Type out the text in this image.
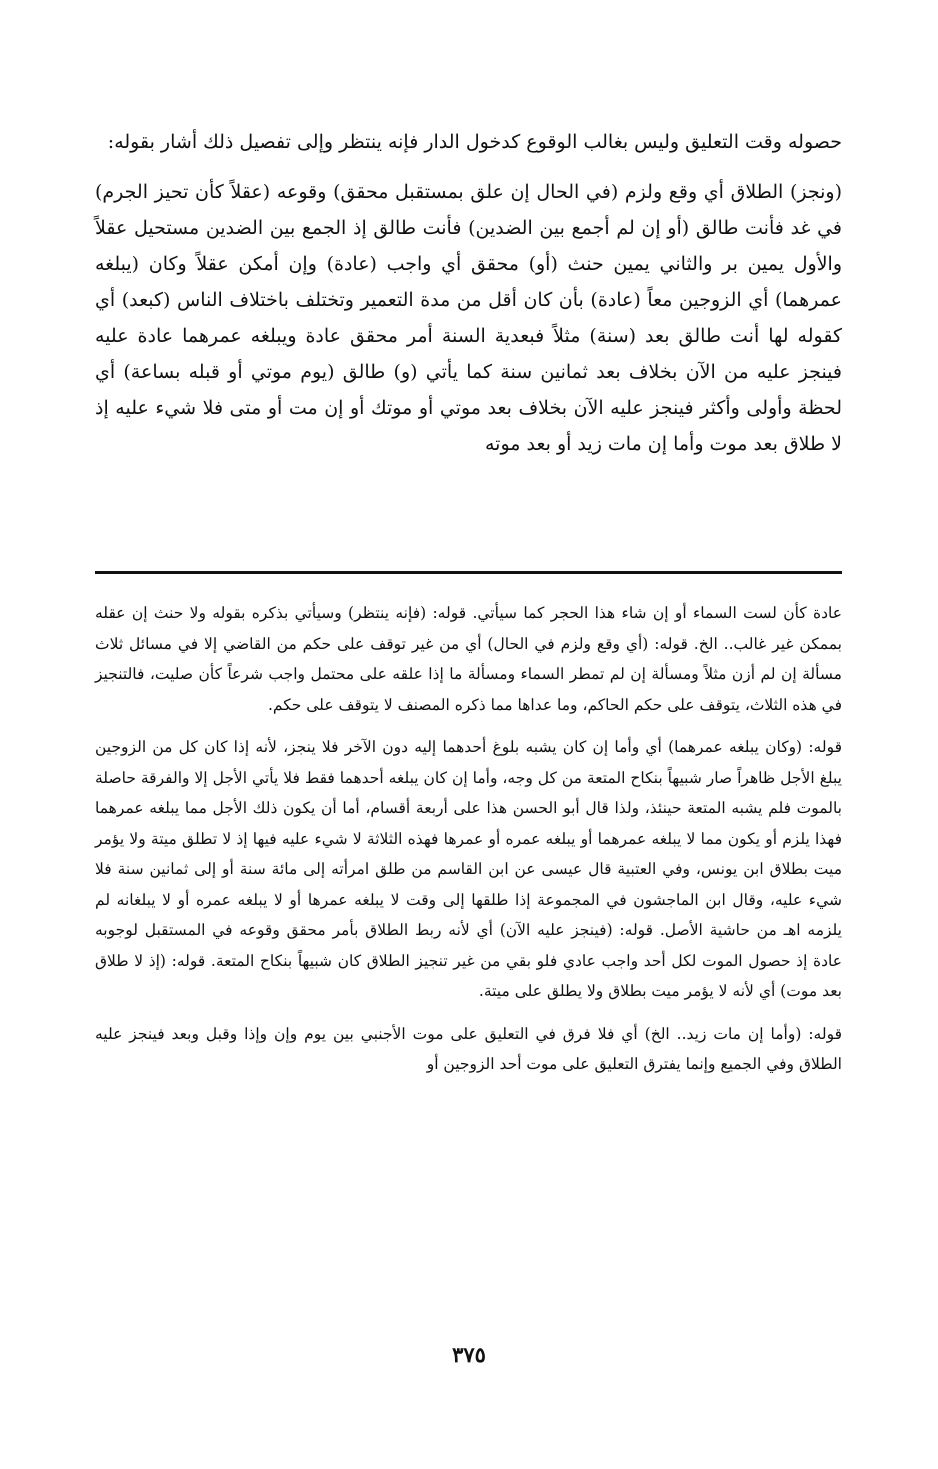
حصوله وقت التعليق وليس بغالب الوقوع كدخول الدار فإنه ينتظر وإلى تفصيل ذلك أشار بقوله:

(ونجز) الطلاق أي وقع ولزم (في الحال إن علق بمستقبل محقق) وقوعه (عقلاً كأن تحيز الجرم) في غد فأنت طالق (أو إن لم أجمع بين الضدين) فأنت طالق إذ الجمع بين الضدين مستحيل عقلاً والأول يمين بر والثاني يمين حنث (أو) محقق أي واجب (عادة) وإن أمكن عقلاً وكان (يبلغه عمرهما) أي الزوجين معاً (عادة) بأن كان أقل من مدة التعمير وتختلف باختلاف الناس (كبعد) أي كقوله لها أنت طالق بعد (سنة) مثلاً فبعدية السنة أمر محقق عادة ويبلغه عمرهما عادة عليه فينجز عليه من الآن بخلاف بعد ثمانين سنة كما يأتي (و) طالق (يوم موتي أو قبله بساعة) أي لحظة وأولى وأكثر فينجز عليه الآن بخلاف بعد موتي أو موتك أو إن مت أو متى فلا شيء عليه إذ لا طلاق بعد موت وأما إن مات زيد أو بعد موته

عادة كأن لست السماء أو إن شاء هذا الحجر كما سيأتي. قوله: (فإنه ينتظر) وسيأتي بذكره بقوله ولا حنث إن عقله بممكن غير غالب.. الخ. قوله: (أي وقع ولزم في الحال) أي من غير توقف على حكم من القاضي إلا في مسائل ثلاث مسألة إن لم أزن مثلاً ومسألة إن لم تمطر السماء ومسألة ما إذا علقه على محتمل واجب شرعاً كأن صليت، فالتنجيز في هذه الثلاث، يتوقف على حكم الحاكم، وما عداها مما ذكره المصنف لا يتوقف على حكم.

قوله: (وكان يبلغه عمرهما) أي وأما إن كان يشبه بلوغ أحدهما إليه دون الآخر فلا ينجز، لأنه إذا كان كل من الزوجين يبلغ الأجل ظاهراً صار شبيهاً بنكاح المتعة من كل وجه، وأما إن كان يبلغه أحدهما فقط فلا يأتي الأجل إلا والفرقة حاصلة بالموت فلم يشبه المتعة حينئذ، ولذا قال أبو الحسن هذا على أربعة أقسام، أما أن يكون ذلك الأجل مما يبلغه عمرهما فهذا يلزم أو يكون مما لا يبلغه عمرهما أو يبلغه عمره أو عمرها فهذه الثلاثة لا شيء عليه فيها إذ لا تطلق ميتة ولا يؤمر ميت بطلاق ابن يونس، وفي العتبية قال عيسى عن ابن القاسم من طلق امرأته إلى مائة سنة أو إلى ثمانين سنة فلا شيء عليه، وقال ابن الماجشون في المجموعة إذا طلقها إلى وقت لا يبلغه عمرها أو لا يبلغه عمره أو لا يبلغانه لم يلزمه اهـ من حاشية الأصل. قوله: (فينجز عليه الآن) أي لأنه ربط الطلاق بأمر محقق وقوعه في المستقبل لوجوبه عادة إذ حصول الموت لكل أحد واجب عادي فلو بقي من غير تنجيز الطلاق كان شبيهاً بنكاح المتعة. قوله: (إذ لا طلاق بعد موت) أي لأنه لا يؤمر ميت بطلاق ولا يطلق على ميتة.

قوله: (وأما إن مات زيد.. الخ) أي فلا فرق في التعليق على موت الأجنبي بين يوم وإن وإذا وقبل وبعد فينجز عليه الطلاق وفي الجميع وإنما يفترق التعليق على موت أحد الزوجين أو

٣٧٥
